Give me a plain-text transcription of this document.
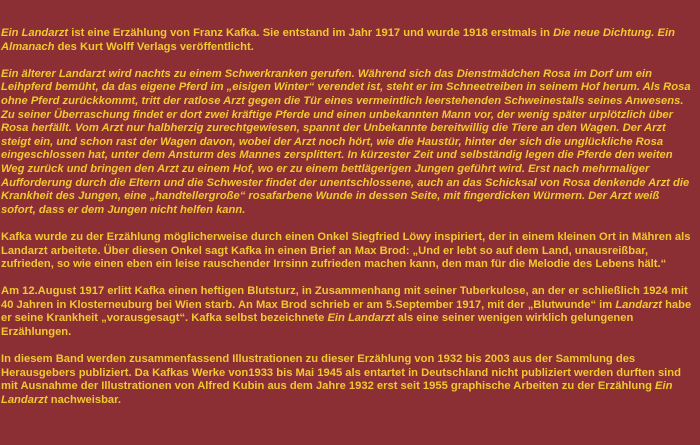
Ein Landarzt ist eine Erzählung von Franz Kafka. Sie entstand im Jahr 1917 und wurde 1918 erstmals in Die neue Dichtung. Ein Almanach des Kurt Wolff Verlags veröffentlicht.

Ein älterer Landarzt wird nachts zu einem Schwerkranken gerufen. Während sich das Dienstmädchen Rosa im Dorf um ein Leihpferd bemüht, da das eigene Pferd im „eisigen Winter“ verendet ist, steht er im Schneetreiben in seinem Hof herum. Als Rosa ohne Pferd zurückkommt, tritt der ratlose Arzt gegen die Tür eines vermeintlich leerstehenden Schweinestalls seines Anwesens. Zu seiner Überraschung findet er dort zwei kräftige Pferde und einen unbekannten Mann vor, der wenig später urplötzlich über Rosa herfällt. Vom Arzt nur halbherzig zurechtgewiesen, spannt der Unbekannte bereitwillig die Tiere an den Wagen. Der Arzt steigt ein, und schon rast der Wagen davon, wobei der Arzt noch hört, wie die Haustür, hinter der sich die unglückliche Rosa eingeschlossen hat, unter dem Ansturm des Mannes zersplittert. In kürzester Zeit und selbständig legen die Pferde den weiten Weg zurück und bringen den Arzt zu einem Hof, wo er zu einem bettlägerigen Jungen geführt wird. Erst nach mehrmaliger Aufforderung durch die Eltern und die Schwester findet der unentschlossene, auch an das Schicksal von Rosa denkende Arzt die Krankheit des Jungen, eine „handtellergroße“ rosafarbene Wunde in dessen Seite, mit fingerdicken Würmern. Der Arzt weiß sofort, dass er dem Jungen nicht helfen kann.

Kafka wurde zu der Erzählung möglicherweise durch einen Onkel Siegfried Löwy inspiriert, der in einem kleinen Ort in Mähren als Landarzt arbeitete. Über diesen Onkel sagt Kafka in einen Brief an Max Brod: „Und er lebt so auf dem Land, unausreißbar, zufrieden, so wie einen eben ein leise rauschender Irrsinn zufrieden machen kann, den man für die Melodie des Lebens hält.“

Am 12.August 1917 erlitt Kafka einen heftigen Blutsturz, in Zusammenhang mit seiner Tuberkulose, an der er schließlich 1924 mit 40 Jahren in Klosterneuburg bei Wien starb. An Max Brod schrieb er am 5.September 1917, mit der „Blutwunde“ im Landarzt habe er seine Krankheit „vorausgesagt“. Kafka selbst bezeichnete Ein Landarzt als eine seiner wenigen wirklich gelungenen Erzählungen.

In diesem Band werden zusammenfassend Illustrationen zu dieser Erzählung von 1932 bis 2003 aus der Sammlung des Herausgebers publiziert. Da Kafkas Werke von1933 bis Mai 1945 als entartet in Deutschland nicht publiziert werden durften sind mit Ausnahme der Illustrationen von Alfred Kubin aus dem Jahre 1932 erst seit 1955 graphische Arbeiten zu der Erzählung Ein Landarzt nachweisbar.
